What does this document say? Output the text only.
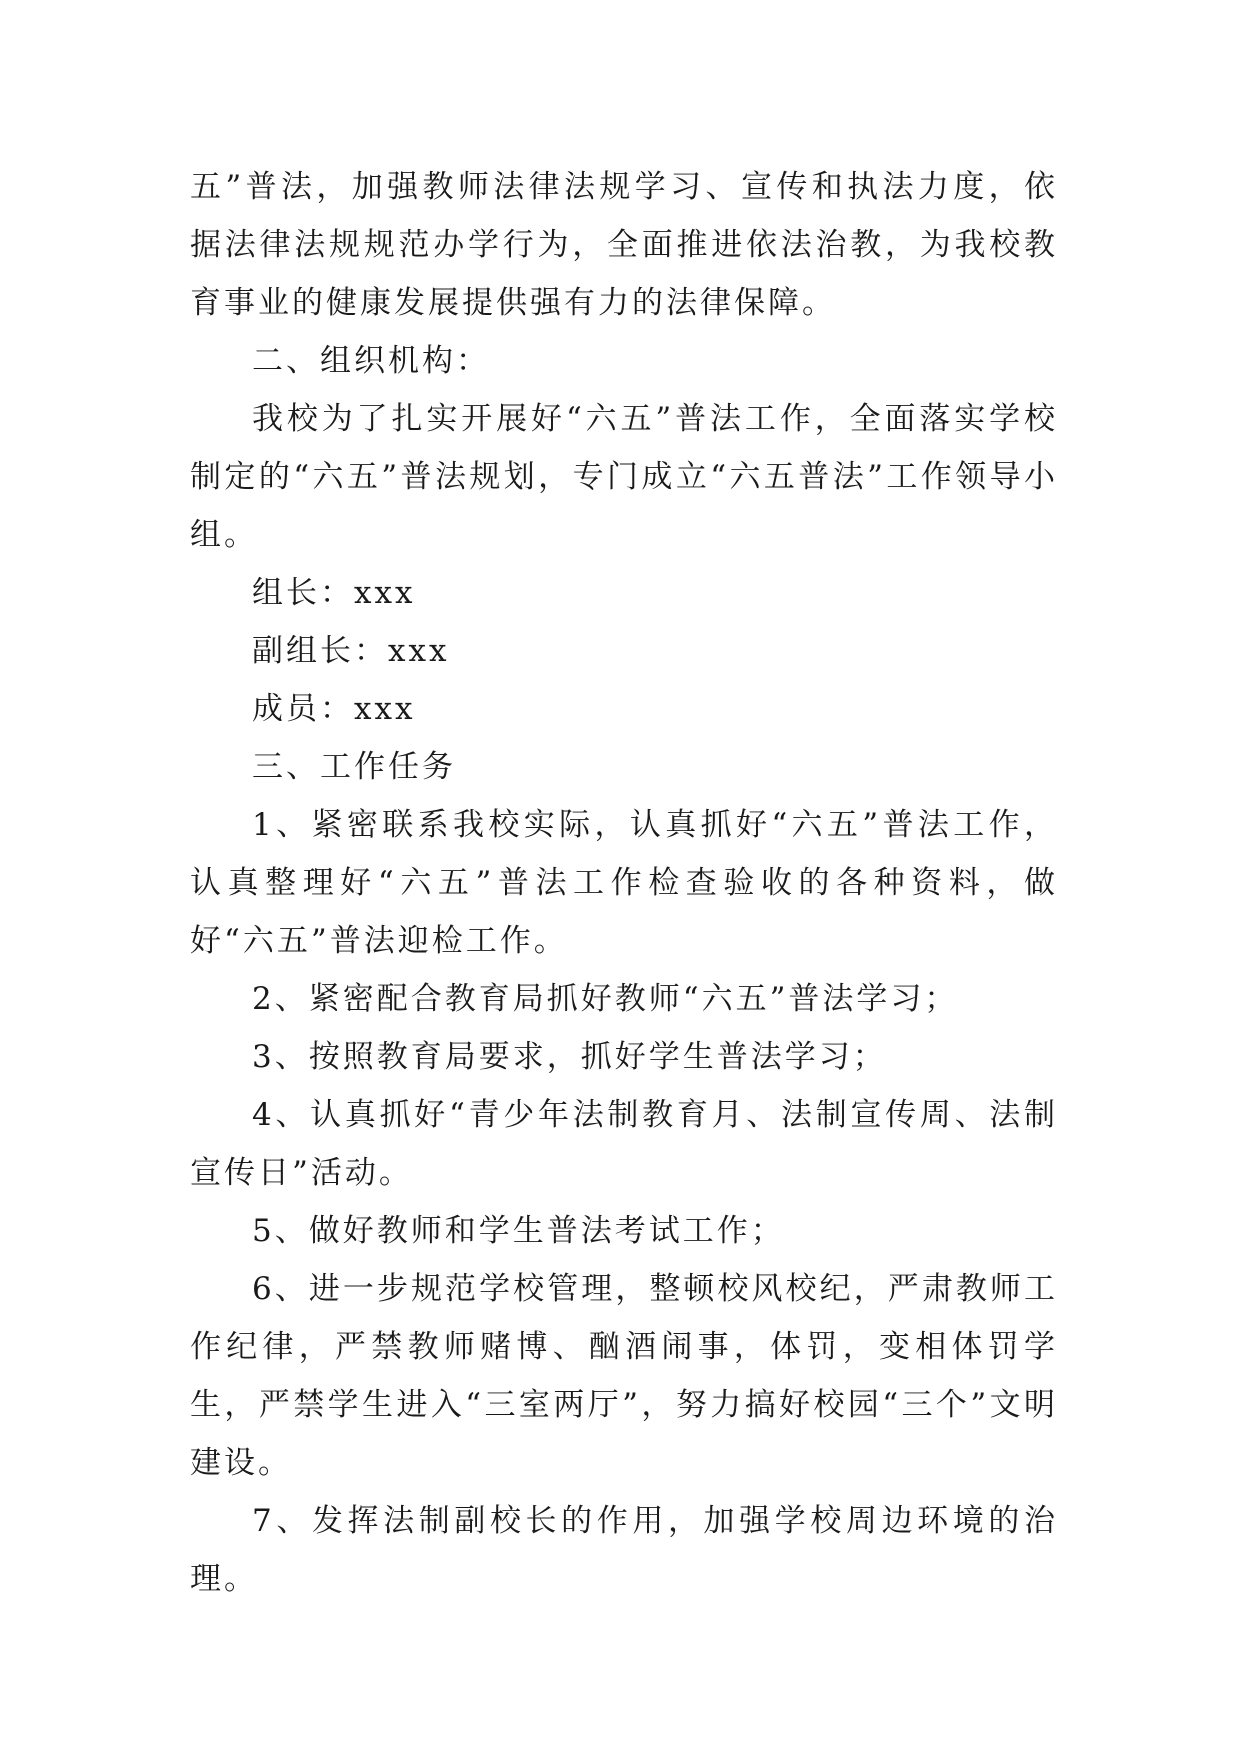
五”普法，加强教师法律法规学习、宣传和执法力度，依据法律法规规范办学行为，全面推进依法治教，为我校教育事业的健康发展提供强有力的法律保障。

二、组织机构：

我校为了扎实开展好“六五”普法工作，全面落实学校制定的“六五”普法规划，专门成立“六五普法”工作领导小组。

组长：xxx

副组长：xxx

成员：xxx

三、工作任务

1、紧密联系我校实际，认真抓好“六五”普法工作，认真整理好“六五”普法工作检查验收的各种资料，做好“六五”普法迎检工作。

2、紧密配合教育局抓好教师“六五”普法学习；

3、按照教育局要求，抓好学生普法学习；

4、认真抓好“青少年法制教育月、法制宣传周、法制宣传日”活动。

5、做好教师和学生普法考试工作；

6、进一步规范学校管理，整顿校风校纪，严肃教师工作纪律，严禁教师赌博、酗酒闹事，体罚，变相体罚学生，严禁学生进入“三室两厅”，努力搞好校园“三个”文明建设。

7、发挥法制副校长的作用，加强学校周边环境的治理。
